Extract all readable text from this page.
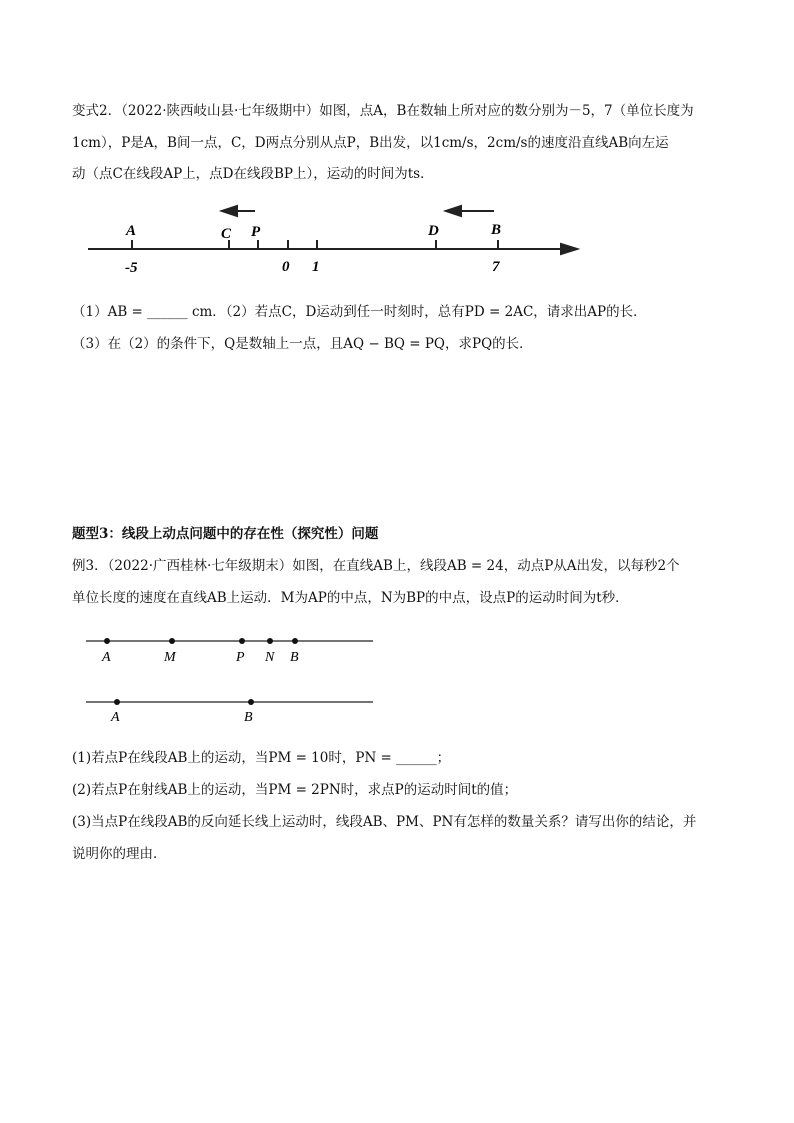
变式2．（2022·陕西岐山县·七年级期中）如图，点A，B在数轴上所对应的数分别为－5，7（单位长度为
1cm），P是A，B间一点，C，D两点分别从点P，B出发，以1cm/s，2cm/s的速度沿直线AB向左运
动（点C在线段AP上，点D在线段BP上），运动的时间为ts．
A	C P	D	B
-5	0 1	7
A	M	P N B
A	B
（1）AB = ______ cm．（2）若点C，D运动到任一时刻时，总有PD = 2AC，请求出AP的长．
（3）在（2）的条件下，Q是数轴上一点，且AQ − BQ = PQ，求PQ的长．
题型3：线段上动点问题中的存在性（探究性）问题
例3．（2022·广西桂林·七年级期末）如图，在直线AB上，线段AB = 24，动点P从A出发，以每秒2个
单位长度的速度在直线AB上运动．M为AP的中点，N为BP的中点，设点P的运动时间为t秒．
(1)若点P在线段AB上的运动，当PM = 10时，PN = ______；
(2)若点P在射线AB上的运动，当PM = 2PN时，求点P的运动时间t的值；
(3)当点P在线段AB的反向延长线上运动时，线段AB、PM、PN有怎样的数量关系？请写出你的结论，并
说明你的理由．
